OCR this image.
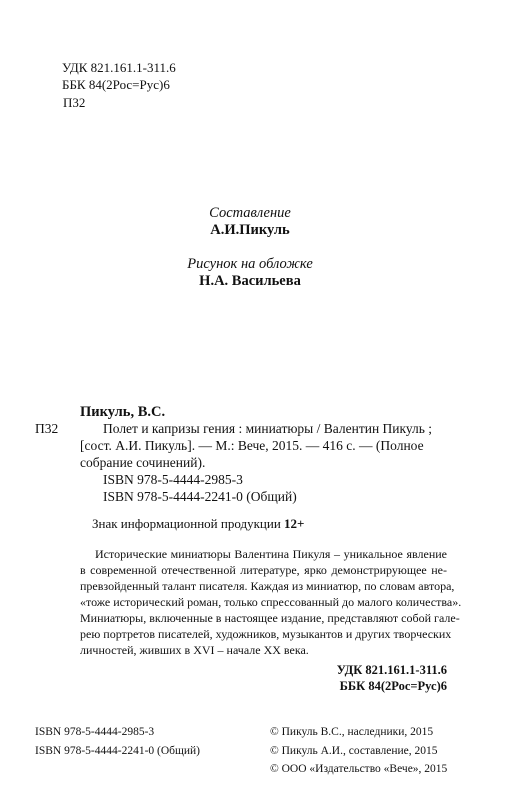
УДК 821.161.1-311.6
ББК 84(2Рос=Рус)6
П32
Составление
А.И.Пикуль
Рисунок на обложке
Н.А. Васильева
Пикуль, В.С.
П32	Полет и капризы гения : миниатюры / Валентин Пикуль ;
[сост. А.И. Пикуль]. — М.: Вече, 2015. — 416 с. — (Полное
собрание сочинений).
ISBN 978-5-4444-2985-3
ISBN 978-5-4444-2241-0 (Общий)
Знак информационной продукции 12+
Исторические миниатюры Валентина Пикуля – уникальное явление
в современной отечественной литературе, ярко демонстрирующее не-
превзойденный талант писателя. Каждая из миниатюр, по словам автора,
«тоже исторический роман, только спрессованный до малого количества».
Миниатюры, включенные в настоящее издание, представляют собой гале-
рею портретов писателей, художников, музыкантов и других творческих
личностей, живших в XVI – начале XX века.
УДК 821.161.1-311.6
ББК 84(2Рос=Рус)6
ISBN 978-5-4444-2985-3
ISBN 978-5-4444-2241-0 (Общий)
© Пикуль В.С., наследники, 2015
© Пикуль А.И., составление, 2015
© ООО «Издательство «Вече», 2015
